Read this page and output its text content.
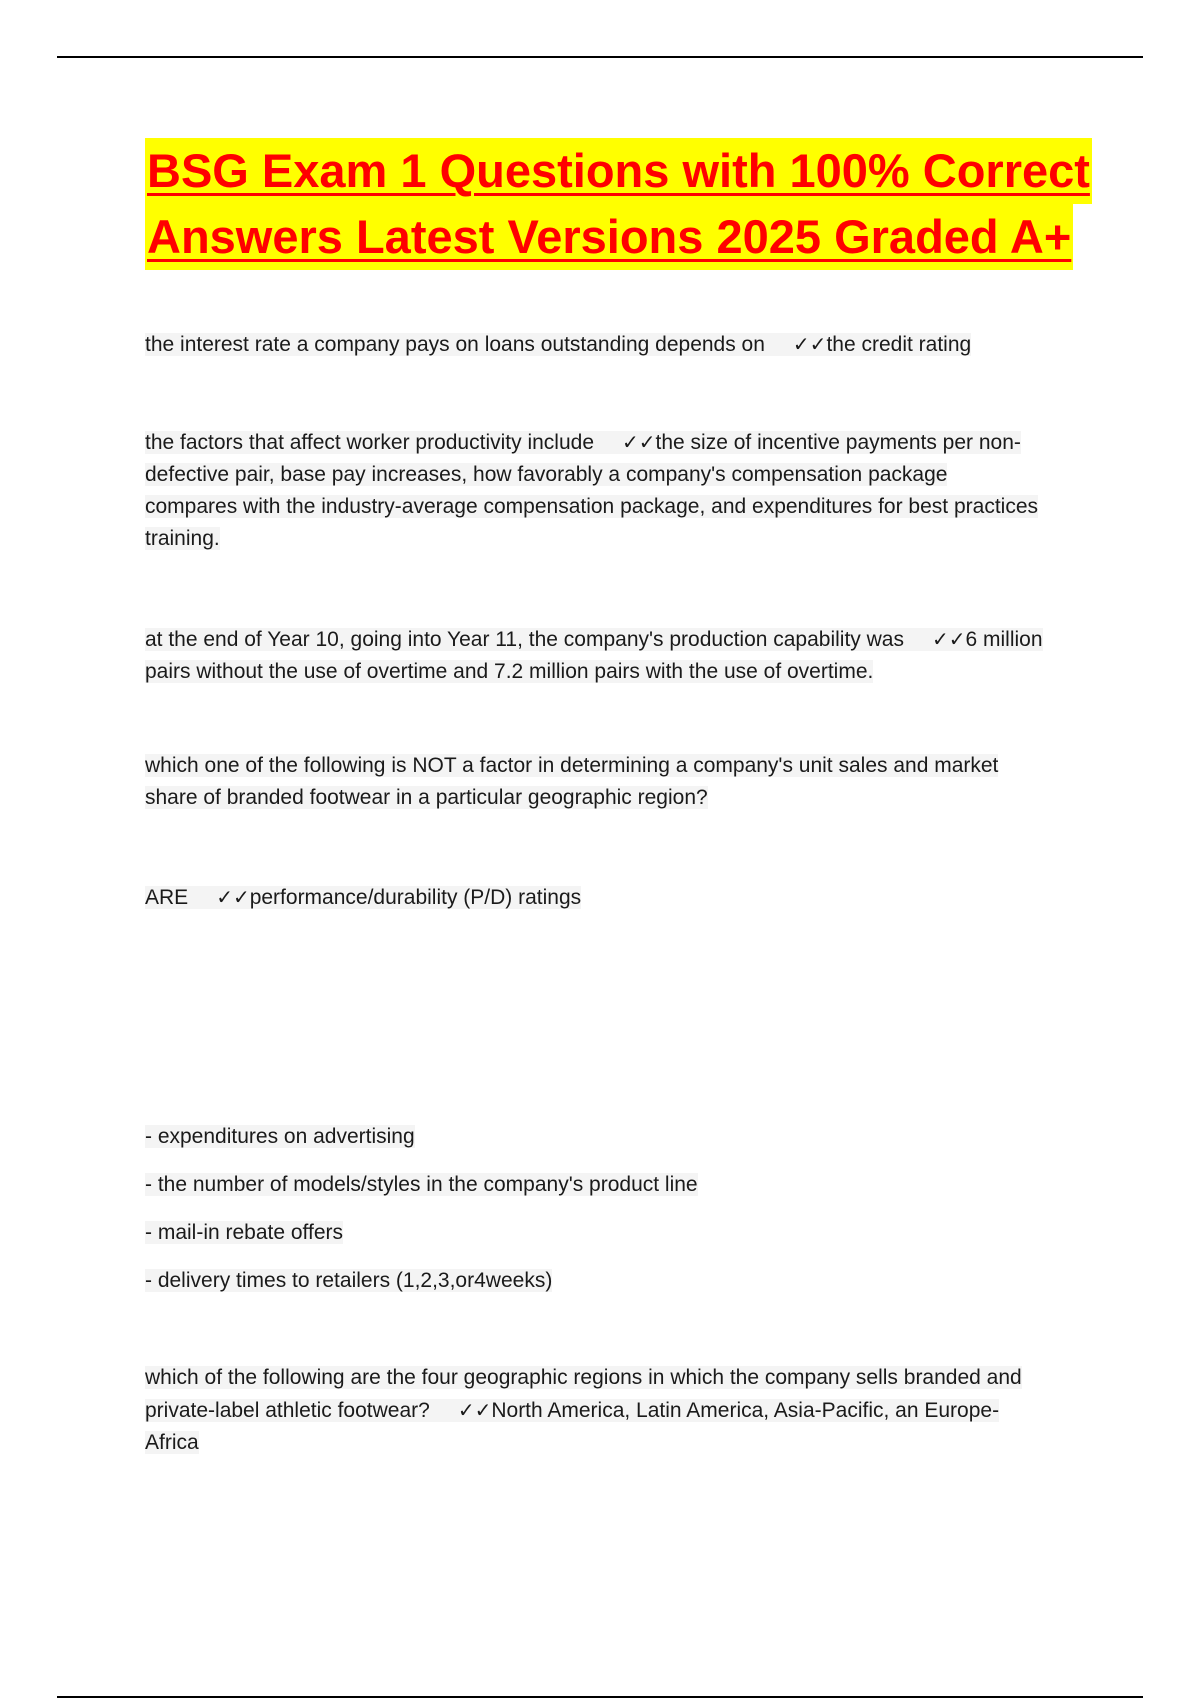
BSG Exam 1 Questions with 100% Correct
Answers Latest Versions 2025 Graded A+
the interest rate a company pays on loans outstanding depends on ✓✓the credit rating
the factors that affect worker productivity include ✓✓the size of incentive payments per non-defective pair, base pay increases, how favorably a company's compensation package compares with the industry-average compensation package, and expenditures for best practices training.
at the end of Year 10, going into Year 11, the company's production capability was ✓✓6 million pairs without the use of overtime and 7.2 million pairs with the use of overtime.
which one of the following is NOT a factor in determining a company's unit sales and market share of branded footwear in a particular geographic region?
ARE ✓✓performance/durability (P/D) ratings
- expenditures on advertising
- the number of models/styles in the company's product line
- mail-in rebate offers
- delivery times to retailers (1,2,3,or4weeks)
which of the following are the four geographic regions in which the company sells branded and private-label athletic footwear? ✓✓North America, Latin America, Asia-Pacific, an Europe-Africa
